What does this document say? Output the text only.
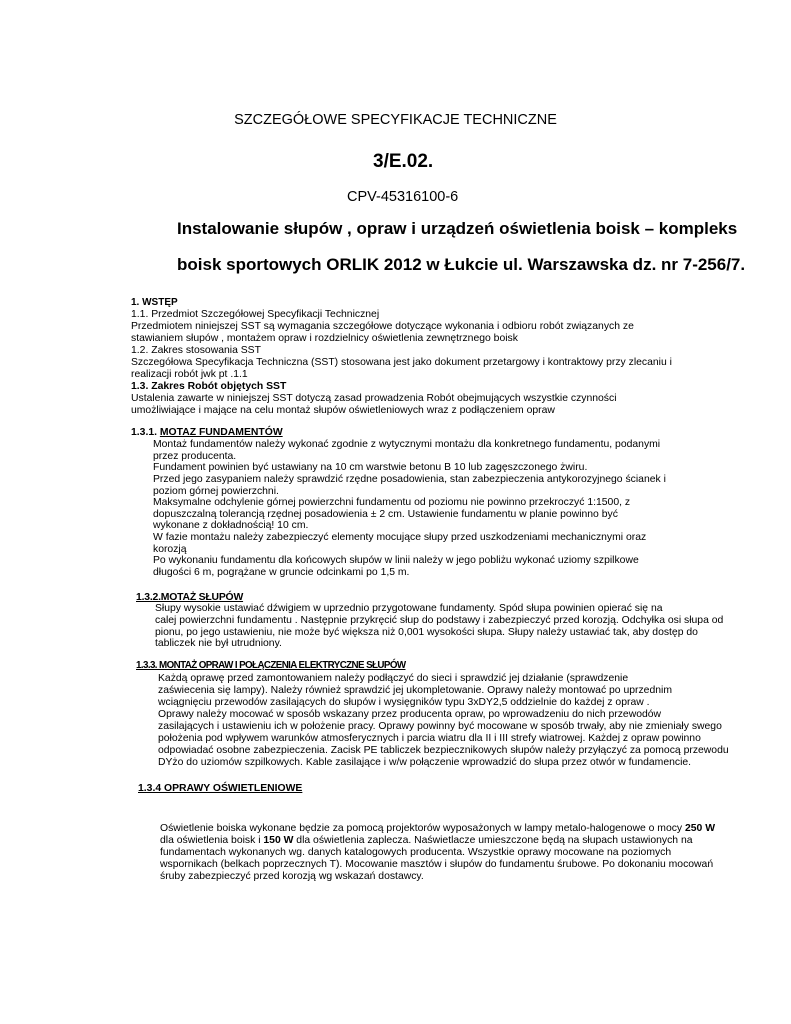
SZCZEGÓŁOWE SPECYFIKACJE TECHNICZNE
3/E.02.
CPV-45316100-6
Instalowanie słupów , opraw i urządzeń oświetlenia boisk – kompleks
boisk sportowych ORLIK 2012 w Łukcie ul. Warszawska dz. nr 7-256/7.
1. WSTĘP
1.1. Przedmiot Szczegółowej Specyfikacji Technicznej
Przedmiotem niniejszej SST są wymagania szczegółowe dotyczące wykonania i odbioru robót związanych ze
stawianiem słupów , montażem opraw i rozdzielnicy oświetlenia zewnętrznego boisk
1.2. Zakres stosowania SST
Szczegółowa Specyfikacja Techniczna (SST) stosowana jest jako dokument przetargowy i kontraktowy przy zlecaniu i
realizacji robót jwk pt .1.1
1.3. Zakres Robót objętych SST
Ustalenia zawarte w niniejszej SST dotyczą zasad prowadzenia Robót obejmujących wszystkie czynności
umożliwiające i mające na celu montaż słupów oświetleniowych wraz z podłączeniem opraw
1.3.1. MOTAZ FUNDAMENTÓW
Montaż fundamentów należy wykonać zgodnie z wytycznymi montażu dla konkretnego fundamentu, podanymi
przez producenta.
Fundament powinien być ustawiany na 10 cm warstwie betonu B 10 lub zagęszczonego żwiru.
Przed jego zasypaniem należy sprawdzić rzędne posadowienia, stan zabezpieczenia antykorozyjnego ścianek i
poziom górnej powierzchni.
Maksymalne odchylenie górnej powierzchni fundamentu od poziomu nie powinno przekroczyć 1:1500, z
dopuszczalną tolerancją rzędnej posadowienia ± 2 cm. Ustawienie fundamentu w planie powinno być
wykonane z dokładnością! 10 cm.
W fazie montażu należy zabezpieczyć elementy mocujące słupy przed uszkodzeniami mechanicznymi oraz
korozją
Po wykonaniu fundamentu dla końcowych słupów w linii należy w jego pobliżu wykonać uziomy szpilkowe
długości 6 m, pogrążane w gruncie odcinkami po 1,5 m.
1.3.2.MOTAŻ SŁUPÓW
Słupy wysokie ustawiać dźwigiem w uprzednio przygotowane fundamenty. Spód słupa powinien opierać się na
calej powierzchni fundamentu . Następnie przykręcić słup do podstawy i zabezpieczyć przed korozją. Odchyłka osi słupa od
pionu, po jego ustawieniu, nie może być większa niż 0,001 wysokości słupa. Słupy należy ustawiać tak, aby dostęp do
tabliczek nie był utrudniony.
1.3.3. MONTAŻ OPRAW I POŁĄCZENIA ELEKTRYCZNE SŁUPÓW
Każdą oprawę przed zamontowaniem należy podłączyć do sieci i sprawdzić jej działanie (sprawdzenie
zaświecenia się lampy). Należy również sprawdzić jej ukompletowanie. Oprawy należy montować po uprzednim
wciągnięciu przewodów zasilających do słupów i wysięgników typu 3xDY2,5 oddzielnie do każdej z opraw .
Oprawy należy mocować w sposób wskazany przez producenta opraw, po wprowadzeniu do nich przewodów
zasilających i ustawieniu ich w położenie pracy. Oprawy powinny być mocowane w sposób trwały, aby nie zmieniały swego
położenia pod wpływem warunków atmosferycznych i parcia wiatru dla II i III strefy wiatrowej. Każdej z opraw powinno
odpowiadać osobne zabezpieczenia. Zacisk PE tabliczek bezpiecznikowych słupów należy przyłączyć za pomocą przewodu
DYżo do uziomów szpilkowych. Kable zasilające i w/w połączenie wprowadzić do słupa przez otwór w fundamencie.
1.3.4 OPRAWY OŚWIETLENIOWE
Oświetlenie boiska wykonane będzie za pomocą projektorów wyposażonych w lampy metalo-halogenowe o mocy 250 W
dla oświetlenia boisk i 150 W dla oświetlenia zaplecza. Naświetlacze umieszczone będą na słupach ustawionych na
fundamentach wykonanych wg. danych katalogowych producenta. Wszystkie oprawy mocowane na poziomych
wspornikach (belkach poprzecznych T). Mocowanie masztów i słupów do fundamentu śrubowe. Po dokonaniu mocowań
śruby zabezpieczyć przed korozją wg wskazań dostawcy.
